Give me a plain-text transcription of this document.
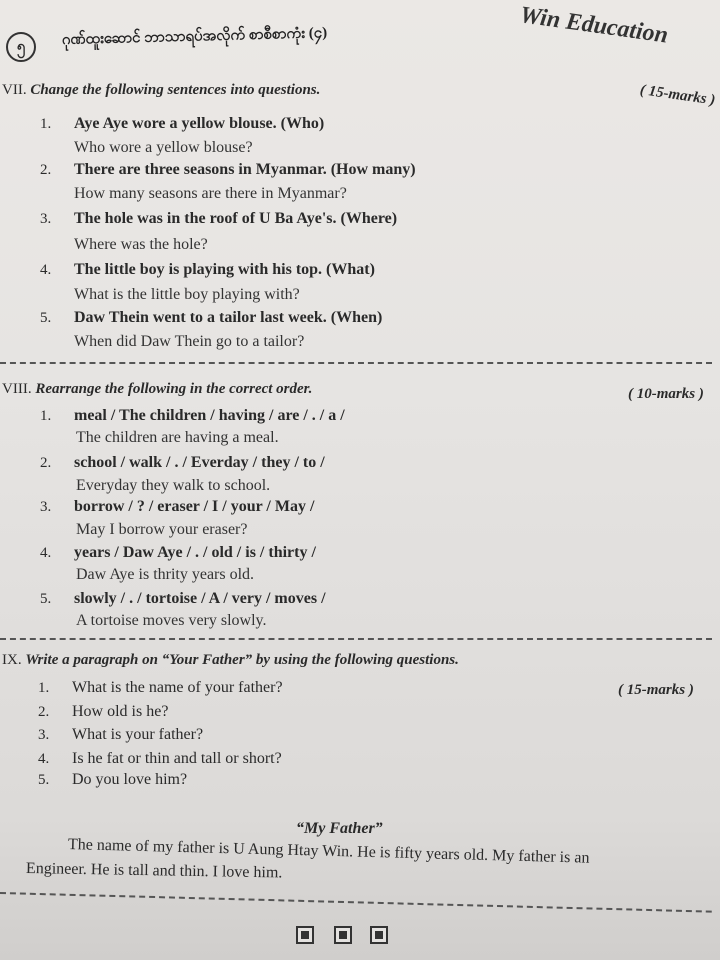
၅	ဂုဏ်ထူးဆောင် ဘာသာရပ်အလိုက် စာစီစာကုံး (၄)	Win Education
VII. Change the following sentences into questions.	( 15-marks )
1. Aye Aye wore a yellow blouse. (Who)
Who wore a yellow blouse?
2. There are three seasons in Myanmar. (How many)
How many seasons are there in Myanmar?
3. The hole was in the roof of U Ba Aye's. (Where)
Where was the hole?
4. The little boy is playing with his top. (What)
What is the little boy playing with?
5. Daw Thein went to a tailor last week. (When)
When did Daw Thein go to a tailor?
VIII. Rearrange the following in the correct order.	( 10-marks )
1. meal / The children / having / are / . / a /
The children are having a meal.
2. school / walk / . / Everday / they / to /
Everyday they walk to school.
3. borrow / ? / eraser / I / your / May /
May I borrow your eraser?
4. years / Daw Aye / . / old / is / thirty /
Daw Aye is thrity years old.
5. slowly / . / tortoise / A / very / moves /
A tortoise moves very slowly.
IX. Write a paragraph on “Your Father” by using the following questions.
( 15-marks )
1. What is the name of your father?
2. How old is he?
3. What is your father?
4. Is he fat or thin and tall or short?
5. Do you love him?
“My Father”
The name of my father is U Aung Htay Win. He is fifty years old. My father is an
Engineer. He is tall and thin. I love him.
